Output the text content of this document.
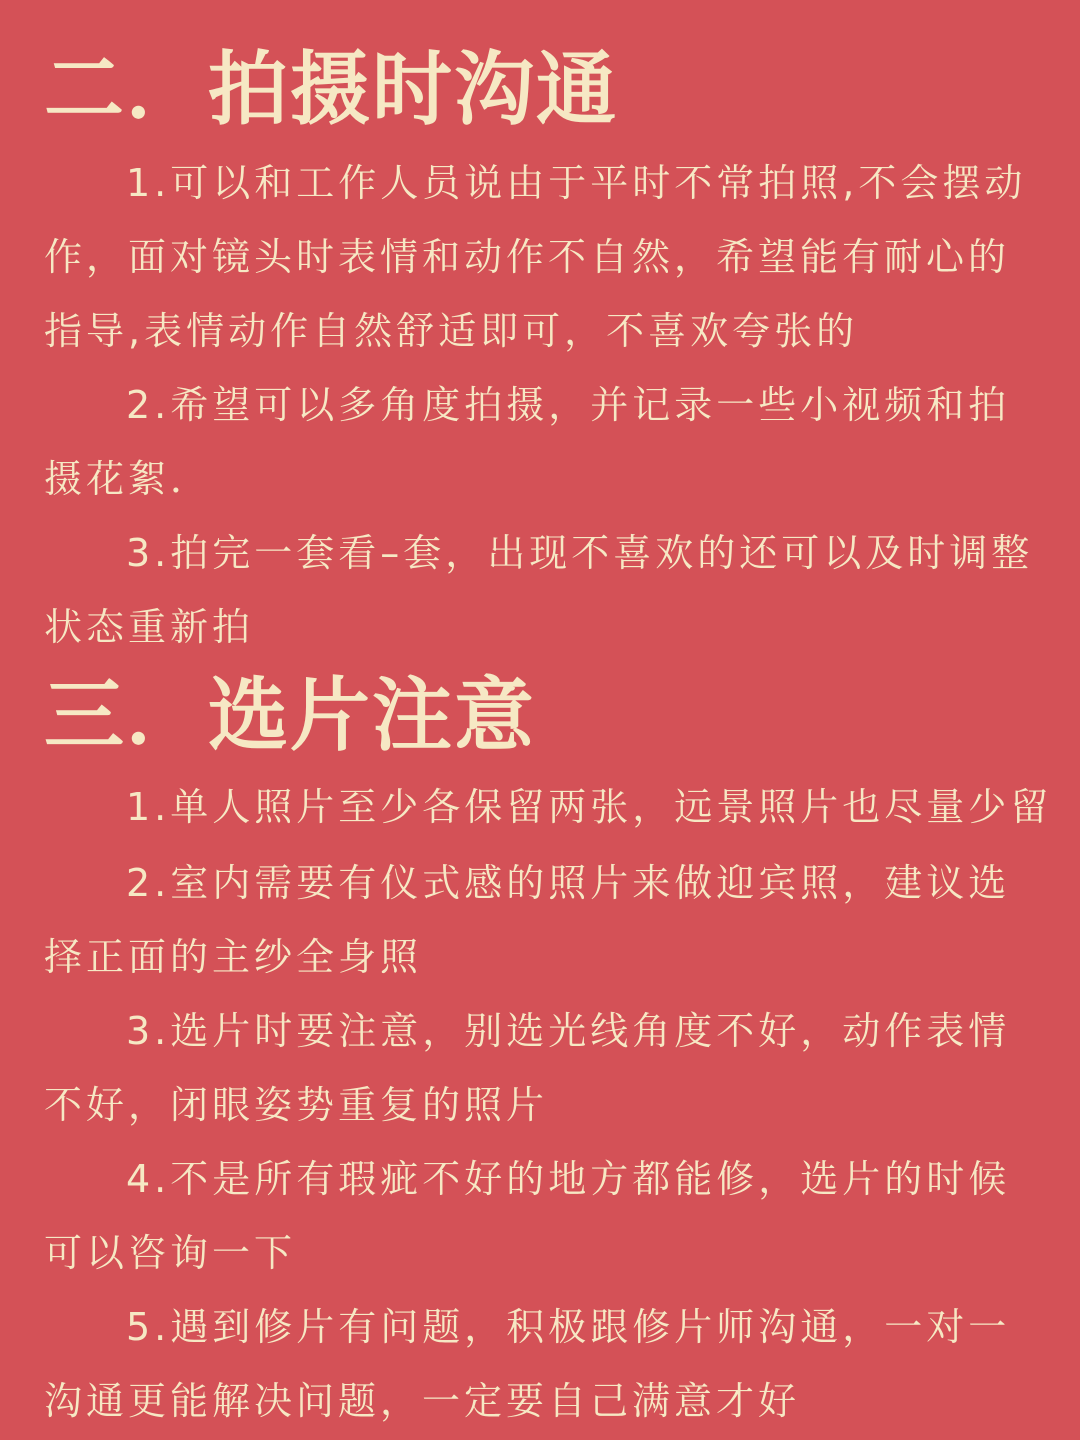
二．拍摄时沟通

1.可以和工作人员说由于平时不常拍照,不会摆动

作，面对镜头时表情和动作不自然，希望能有耐心的

指导,表情动作自然舒适即可，不喜欢夸张的

2.希望可以多角度拍摄，并记录一些小视频和拍

摄花絮．

3.拍完一套看–套，出现不喜欢的还可以及时调整

状态重新拍

三．选片注意

1.单人照片至少各保留两张，远景照片也尽量少留

2.室内需要有仪式感的照片来做迎宾照，建议选

择正面的主纱全身照

3.选片时要注意，别选光线角度不好，动作表情

不好，闭眼姿势重复的照片

4.不是所有瑕疵不好的地方都能修，选片的时候

可以咨询一下

5.遇到修片有问题，积极跟修片师沟通，一对一

沟通更能解决问题，一定要自己满意才好
